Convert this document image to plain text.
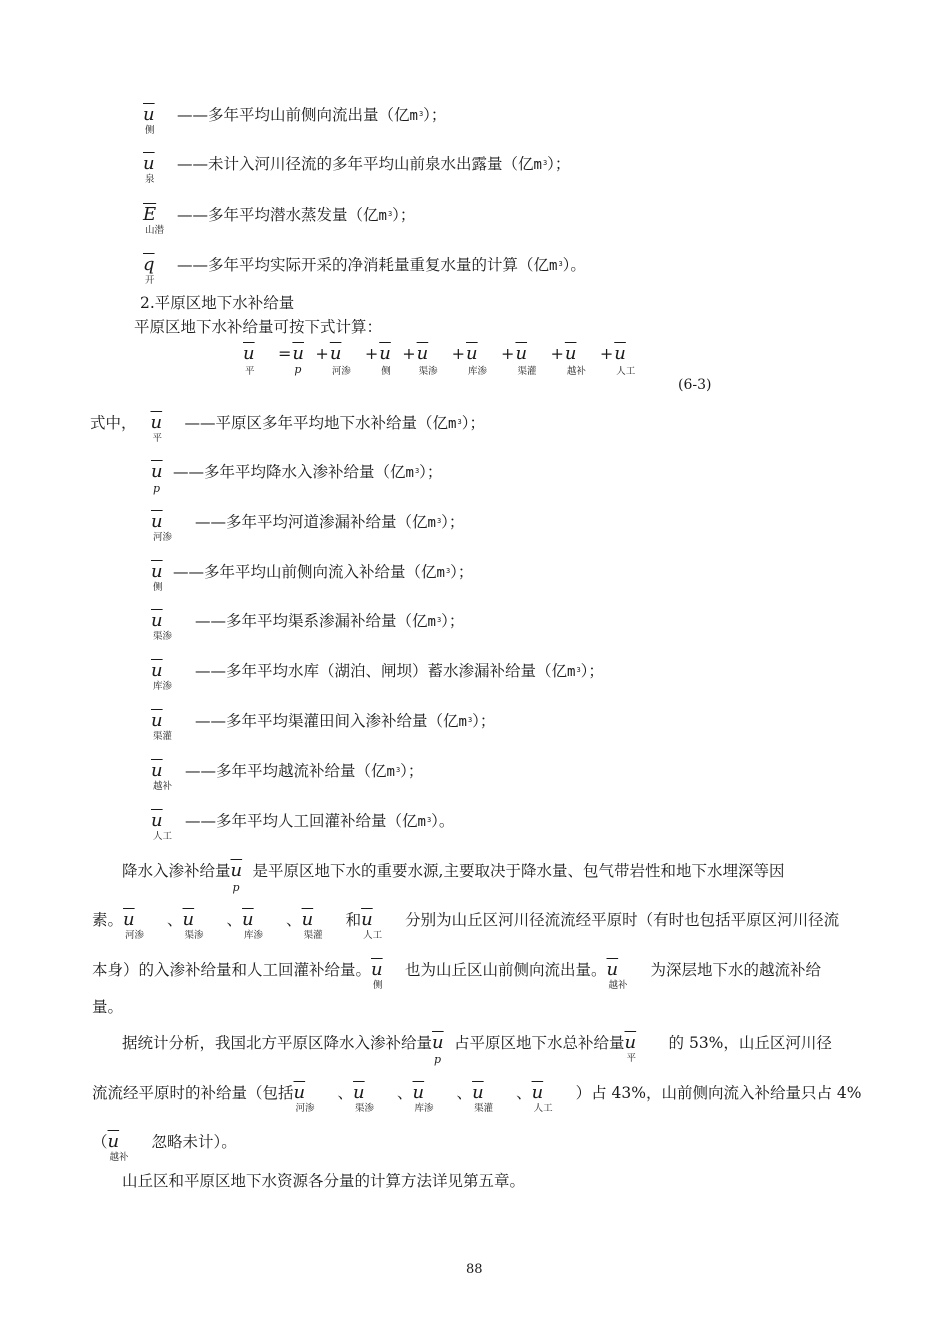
$\overline{u}$
侧
——多年平均山前侧向流出量（亿$m^3$）；
$\overline{u}$
泉
——未计入河川径流的多年平均山前泉水出露量（亿$m^3$）；
$\overline{E}$
山潜
——多年平均潜水蒸发量（亿$m^3$）；
$\overline{q}$
开
——多年平均实际开采的净消耗量重复水量的计算（亿$m^3$）。
2.平原区地下水补给量
平原区地下水补给量可按下式计算：
$\overline{u}$
平
$=\overline{u}$
p
$+\overline{u}$
河渗
$+\overline{u}$
侧
$+\overline{u}$
渠渗
$+\overline{u}$
库渗
$+\overline{u}$
渠灌
$+\overline{u}$
越补
$+\overline{u}$
人工
(6-3)
式中， $\overline{u}$
平
——平原区多年平均地下水补给量（亿$m^3$）；
$\overline{u}$
p
——多年平均降水入渗补给量（亿$m^3$）；
$\overline{u}$
河渗
——多年平均河道渗漏补给量（亿$m^3$）；
$\overline{u}$
侧
——多年平均山前侧向流入补给量（亿$m^3$）；
$\overline{u}$
渠渗
——多年平均渠系渗漏补给量（亿$m^3$）；
$\overline{u}$
库渗
——多年平均水库（湖泊、闸坝）蓄水渗漏补给量（亿$m^3$）；
$\overline{u}$
渠灌
——多年平均渠灌田间入渗补给量（亿$m^3$）；
$\overline{u}$
越补
——多年平均越流补给量（亿$m^3$）；
$\overline{u}$
人工
——多年平均人工回灌补给量（亿$m^3$）。
降水入渗补给量$\overline{u}$
p
是平原区地下水的重要水源,主要取决于降水量、包气带岩性和地下水埋深等因
素。$\overline{u}$
河渗
、$\overline{u}$
渠渗
、$\overline{u}$
库渗
、$\overline{u}$
渠灌
和$\overline{u}$
人工
分别为山丘区河川径流流经平原时（有时也包括平原区河川径流
本身）的入渗补给量和人工回灌补给量。$\overline{u}$
侧
也为山丘区山前侧向流出量。$\overline{u}$
越补
为深层地下水的越流补给
量。
据统计分析，我国北方平原区降水入渗补给量$\overline{u}$
p
占平原区地下水总补给量$\overline{u}$
平
的 53%，山丘区河川径
流流经平原时的补给量（包括$\overline{u}$
河渗
、$\overline{u}$
渠渗
、$\overline{u}$
库渗
、$\overline{u}$
渠灌
、$\overline{u}$
人工
）占 43%，山前侧向流入补给量只占 4%
（$\overline{u}$
越补
忽略未计）。
山丘区和平原区地下水资源各分量的计算方法详见第五章。
88
